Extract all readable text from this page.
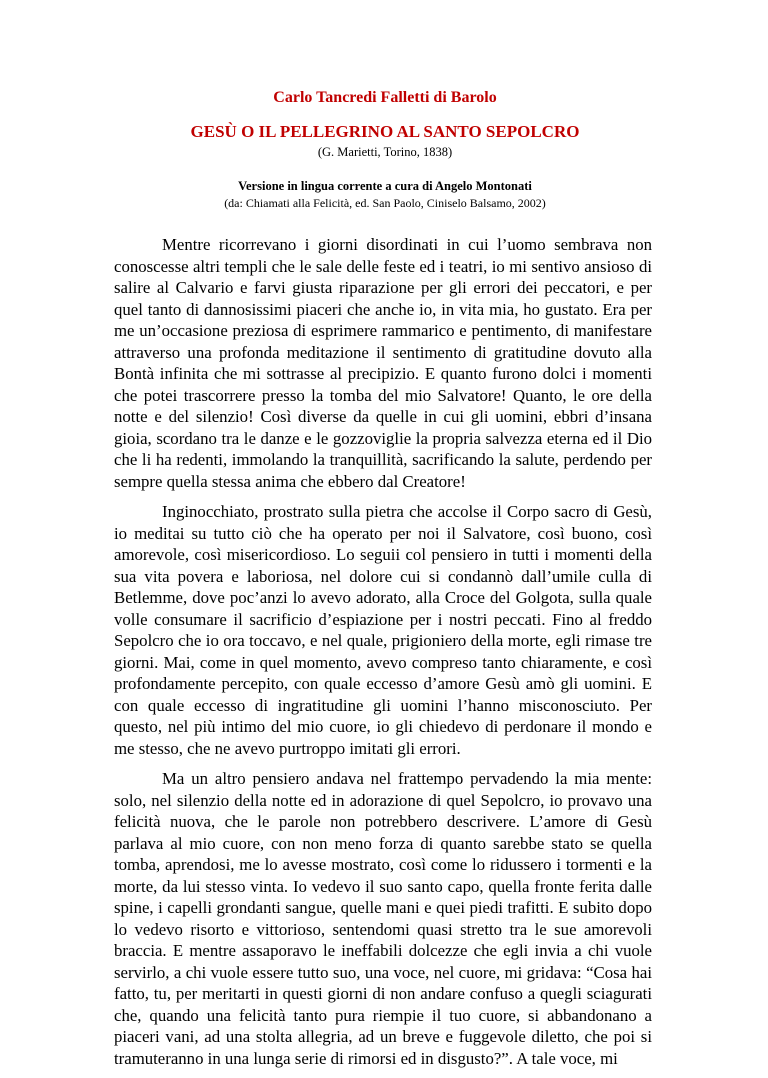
Carlo Tancredi Falletti di Barolo
GESÙ O IL PELLEGRINO AL SANTO SEPOLCRO
(G. Marietti, Torino, 1838)
Versione in lingua corrente a cura di Angelo Montonati
(da: Chiamati alla Felicità, ed. San Paolo, Ciniselo Balsamo, 2002)

Mentre ricorrevano i giorni disordinati in cui l’uomo sembrava non conoscesse altri templi che le sale delle feste ed i teatri, io mi sentivo ansioso di salire al Calvario e farvi giusta riparazione per gli errori dei peccatori, e per quel tanto di dannosissimi piaceri che anche io, in vita mia, ho gustato. Era per me un’occasione preziosa di esprimere rammarico e pentimento, di manifestare attraverso una profonda meditazione il sentimento di gratitudine dovuto alla Bontà infinita che mi sottrasse al precipizio. E quanto furono dolci i momenti che potei trascorrere presso la tomba del mio Salvatore! Quanto, le ore della notte e del silenzio! Così diverse da quelle in cui gli uomini, ebbri d’insana gioia, scordano tra le danze e le gozzoviglie la propria salvezza eterna ed il Dio che li ha redenti, immolando la tranquillità, sacrificando la salute, perdendo per sempre quella stessa anima che ebbero dal Creatore!

Inginocchiato, prostrato sulla pietra che accolse il Corpo sacro di Gesù, io meditai su tutto ciò che ha operato per noi il Salvatore, così buono, così amorevole, così misericordioso. Lo seguii col pensiero in tutti i momenti della sua vita povera e laboriosa, nel dolore cui si condannò dall’umile culla di Betlemme, dove poc’anzi lo avevo adorato, alla Croce del Golgota, sulla quale volle consumare il sacrificio d’espiazione per i nostri peccati. Fino al freddo Sepolcro che io ora toccavo, e nel quale, prigioniero della morte, egli rimase tre giorni. Mai, come in quel momento, avevo compreso tanto chiaramente, e così profondamente percepito, con quale eccesso d’amore Gesù amò gli uomini. E con quale eccesso di ingratitudine gli uomini l’hanno misconosciuto. Per questo, nel più intimo del mio cuore, io gli chiedevo di perdonare il mondo e me stesso, che ne avevo purtroppo imitati gli errori.

Ma un altro pensiero andava nel frattempo pervadendo la mia mente: solo, nel silenzio della notte ed in adorazione di quel Sepolcro, io provavo una felicità nuova, che le parole non potrebbero descrivere. L’amore di Gesù parlava al mio cuore, con non meno forza di quanto sarebbe stato se quella tomba, aprendosi, me lo avesse mostrato, così come lo ridussero i tormenti e la morte, da lui stesso vinta. Io vedevo il suo santo capo, quella fronte ferita dalle spine, i capelli grondanti sangue, quelle mani e quei piedi trafitti. E subito dopo lo vedevo risorto e vittorioso, sentendomi quasi stretto tra le sue amorevoli braccia. E mentre assaporavo le ineffabili dolcezze che egli invia a chi vuole servirlo, a chi vuole essere tutto suo, una voce, nel cuore, mi gridava: “Cosa hai fatto, tu, per meritarti in questi giorni di non andare confuso a quegli sciagurati che, quando una felicità tanto pura riempie il tuo cuore, si abbandonano a piaceri vani, ad una stolta allegria, ad un breve e fuggevole diletto, che poi si tramuteranno in una lunga serie di rimorsi ed in disgusto?”. A tale voce, mi
